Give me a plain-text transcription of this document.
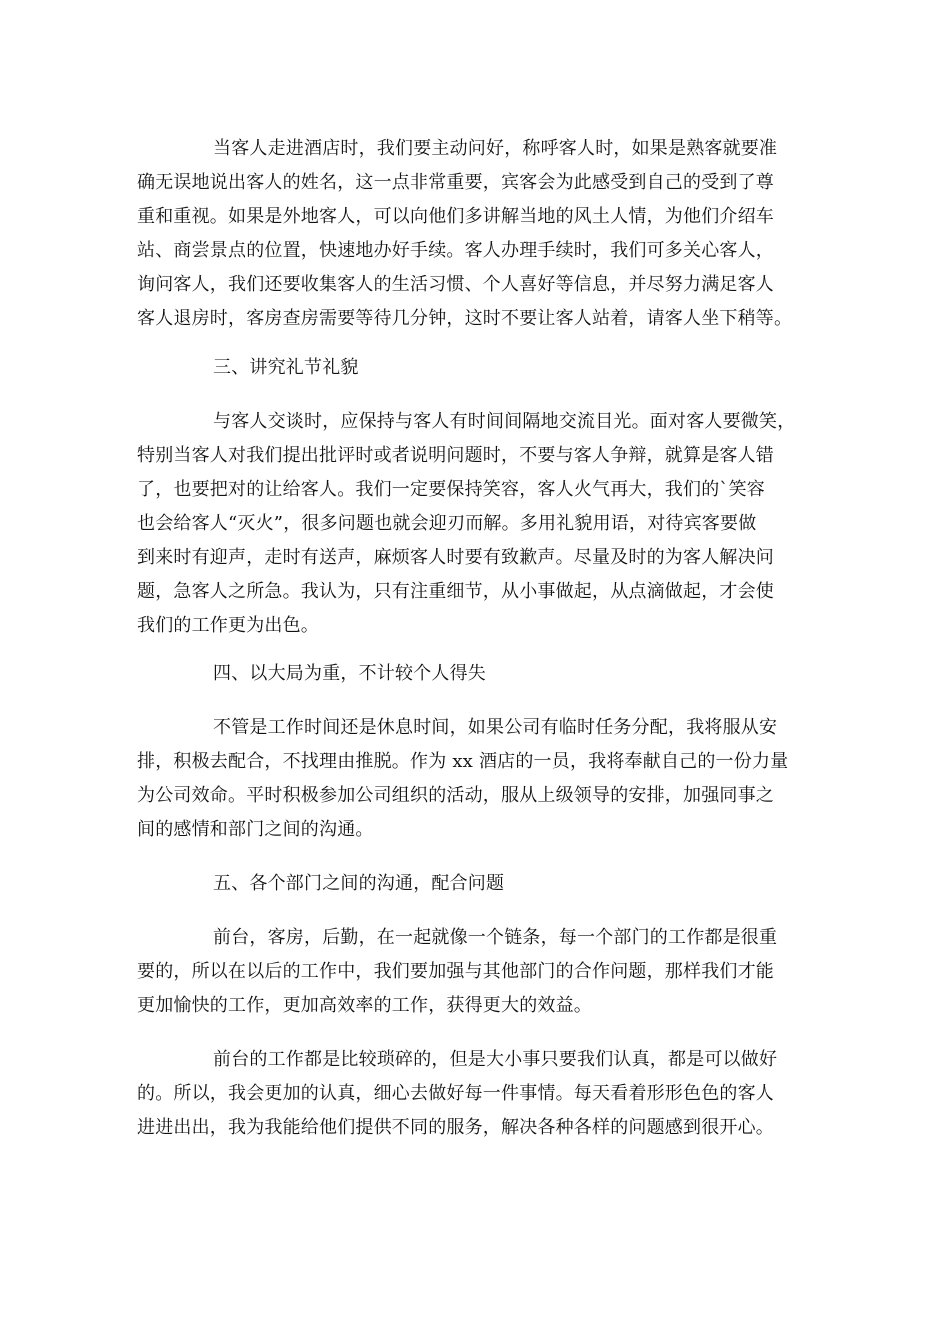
当客人走进酒店时，我们要主动问好，称呼客人时，如果是熟客就要准
确无误地说出客人的姓名，这一点非常重要，宾客会为此感受到自己的受到了尊
重和重视。如果是外地客人，可以向他们多讲解当地的风土人情，为他们介绍车
站、商尝景点的位置，快速地办好手续。客人办理手续时，我们可多关心客人，
询问客人，我们还要收集客人的生活习惯、个人喜好等信息，并尽努力满足客人
客人退房时，客房查房需要等待几分钟，这时不要让客人站着，请客人坐下稍等。
三、讲究礼节礼貌
与客人交谈时，应保持与客人有时间间隔地交流目光。面对客人要微笑，
特别当客人对我们提出批评时或者说明问题时，不要与客人争辩，就算是客人错
了，也要把对的让给客人。我们一定要保持笑容，客人火气再大，我们的`笑容
也会给客人“灭火”，很多问题也就会迎刃而解。多用礼貌用语，对待宾客要做
到来时有迎声，走时有送声，麻烦客人时要有致歉声。尽量及时的为客人解决问
题，急客人之所急。我认为，只有注重细节，从小事做起，从点滴做起，才会使
我们的工作更为出色。
四、以大局为重，不计较个人得失
不管是工作时间还是休息时间，如果公司有临时任务分配，我将服从安
排，积极去配合，不找理由推脱。作为 xx 酒店的一员，我将奉献自己的一份力量
为公司效命。平时积极参加公司组织的活动，服从上级领导的安排，加强同事之
间的感情和部门之间的沟通。
五、各个部门之间的沟通，配合问题
前台，客房，后勤，在一起就像一个链条，每一个部门的工作都是很重
要的，所以在以后的工作中，我们要加强与其他部门的合作问题，那样我们才能
更加愉快的工作，更加高效率的工作，获得更大的效益。
前台的工作都是比较琐碎的，但是大小事只要我们认真，都是可以做好
的。所以，我会更加的认真，细心去做好每一件事情。每天看着形形色色的客人
进进出出，我为我能给他们提供不同的服务，解决各种各样的问题感到很开心。
